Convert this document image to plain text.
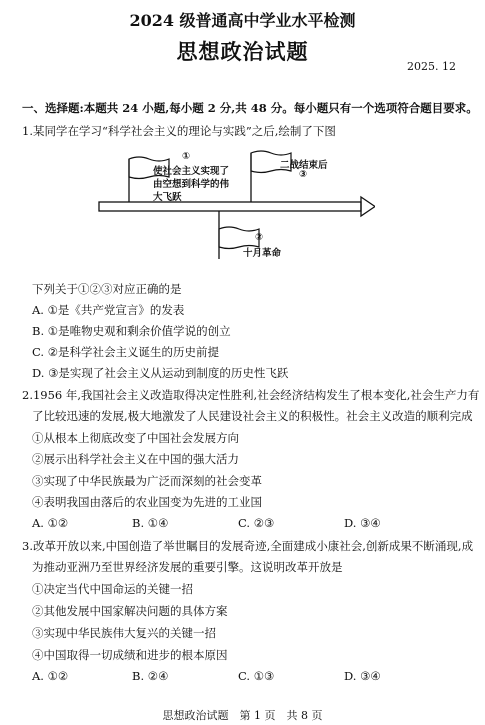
2024 级普通高中学业水平检测
思想政治试题
2025. 12
一、选择题:本题共 24 小题,每小题 2 分,共 48 分。每小题只有一个选项符合题目要求。
1.某同学在学习“科学社会主义的理论与实践”之后,绘制了下图
①
使社会主义实现了
由空想到科学的伟
大飞跃
二战结束后
③
②
十月革命
下列关于①②③对应正确的是
A. ①是《共产党宣言》的发表
B. ①是唯物史观和剩余价值学说的创立
C. ②是科学社会主义诞生的历史前提
D. ③是实现了社会主义从运动到制度的历史性飞跃
2.1956 年,我国社会主义改造取得决定性胜利,社会经济结构发生了根本变化,社会生产力有
了比较迅速的发展,极大地激发了人民建设社会主义的积极性。社会主义改造的顺利完成
①从根本上彻底改变了中国社会发展方向
②展示出科学社会主义在中国的强大活力
③实现了中华民族最为广泛而深刻的社会变革
④表明我国由落后的农业国变为先进的工业国
A. ①②	B. ①④	C. ②③	D. ③④
3.改革开放以来,中国创造了举世瞩目的发展奇迹,全面建成小康社会,创新成果不断涌现,成
为推动亚洲乃至世界经济发展的重要引擎。这说明改革开放是
①决定当代中国命运的关键一招
②其他发展中国家解决问题的具体方案
③实现中华民族伟大复兴的关键一招
④中国取得一切成绩和进步的根本原因
A. ①②	B. ②④	C. ①③	D. ③④
思想政治试题　第 1 页　共 8 页
